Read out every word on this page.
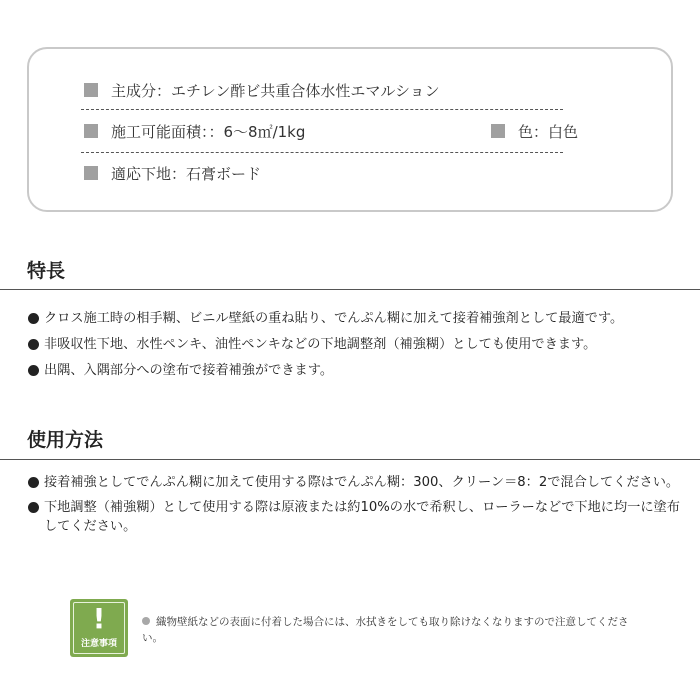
主成分：エチレン酢ビ共重合体水性エマルション
施工可能面積：：6〜8㎡/1kg	色：白色
適応下地：石膏ボード
特長
クロス施工時の相手糊、ビニル壁紙の重ね貼り、でんぷん糊に加えて接着補強剤として最適です。
非吸収性下地、水性ペンキ、油性ペンキなどの下地調整剤（補強糊）としても使用できます。
出隅、入隅部分への塗布で接着補強ができます。
使用方法
接着補強としてでんぷん糊に加えて使用する際はでんぷん糊：300、クリーン＝8：2で混合してください。
下地調整（補強糊）として使用する際は原液または約10%の水で希釈し、ローラーなどで下地に均一に塗布してください。
!
注意事項
織物壁紙などの表面に付着した場合には、水拭きをしても取り除けなくなりますので注意してください。
